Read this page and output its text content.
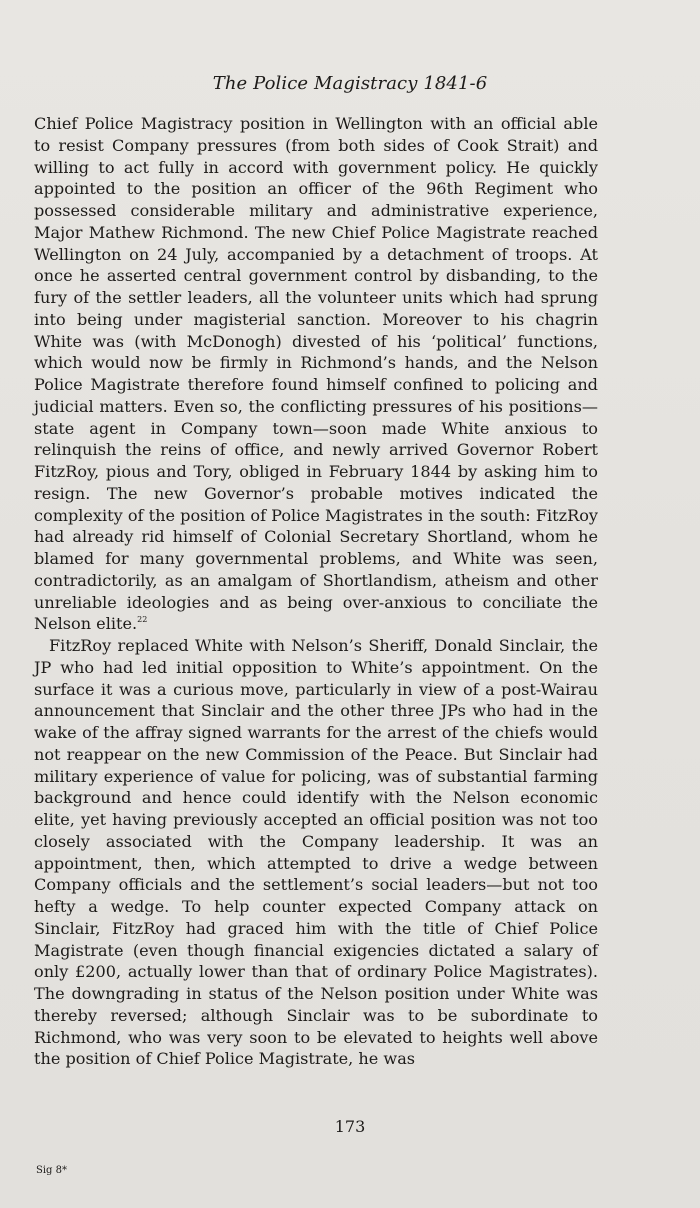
The Police Magistracy 1841-6

Chief Police Magistracy position in Wellington with an official able to resist Company pressures (from both sides of Cook Strait) and willing to act fully in accord with government policy. He quickly appointed to the position an officer of the 96th Regiment who possessed considerable military and administrative experience, Major Mathew Richmond. The new Chief Police Magistrate reached Wellington on 24 July, accompanied by a detachment of troops. At once he asserted central government control by disbanding, to the fury of the settler leaders, all the volunteer units which had sprung into being under magisterial sanction. Moreover to his chagrin White was (with McDonogh) divested of his ‘political’ functions, which would now be firmly in Richmond’s hands, and the Nelson Police Magistrate therefore found himself confined to policing and judicial matters. Even so, the conflicting pressures of his positions—state agent in Company town—soon made White anxious to relinquish the reins of office, and newly arrived Governor Robert FitzRoy, pious and Tory, obliged in February 1844 by asking him to resign. The new Governor’s probable motives indicated the complexity of the position of Police Magistrates in the south: FitzRoy had already rid himself of Colonial Secretary Shortland, whom he blamed for many governmental problems, and White was seen, contradictorily, as an amalgam of Shortlandism, atheism and other unreliable ideologies and as being over-anxious to conciliate the Nelson elite.$^{22}$

FitzRoy replaced White with Nelson’s Sheriff, Donald Sinclair, the JP who had led initial opposition to White’s appointment. On the surface it was a curious move, particularly in view of a post-Wairau announcement that Sinclair and the other three JPs who had in the wake of the affray signed warrants for the arrest of the chiefs would not reappear on the new Commission of the Peace. But Sinclair had military experience of value for policing, was of substantial farming background and hence could identify with the Nelson economic elite, yet having previously accepted an official position was not too closely associated with the Company leadership. It was an appointment, then, which attempted to drive a wedge between Company officials and the settlement’s social leaders—but not too hefty a wedge. To help counter expected Company attack on Sinclair, FitzRoy had graced him with the title of Chief Police Magistrate (even though financial exigencies dictated a salary of only £200, actually lower than that of ordinary Police Magistrates). The downgrading in status of the Nelson position under White was thereby reversed; although Sinclair was to be subordinate to Richmond, who was very soon to be elevated to heights well above the position of Chief Police Magistrate, he was

173
Sig 8*
